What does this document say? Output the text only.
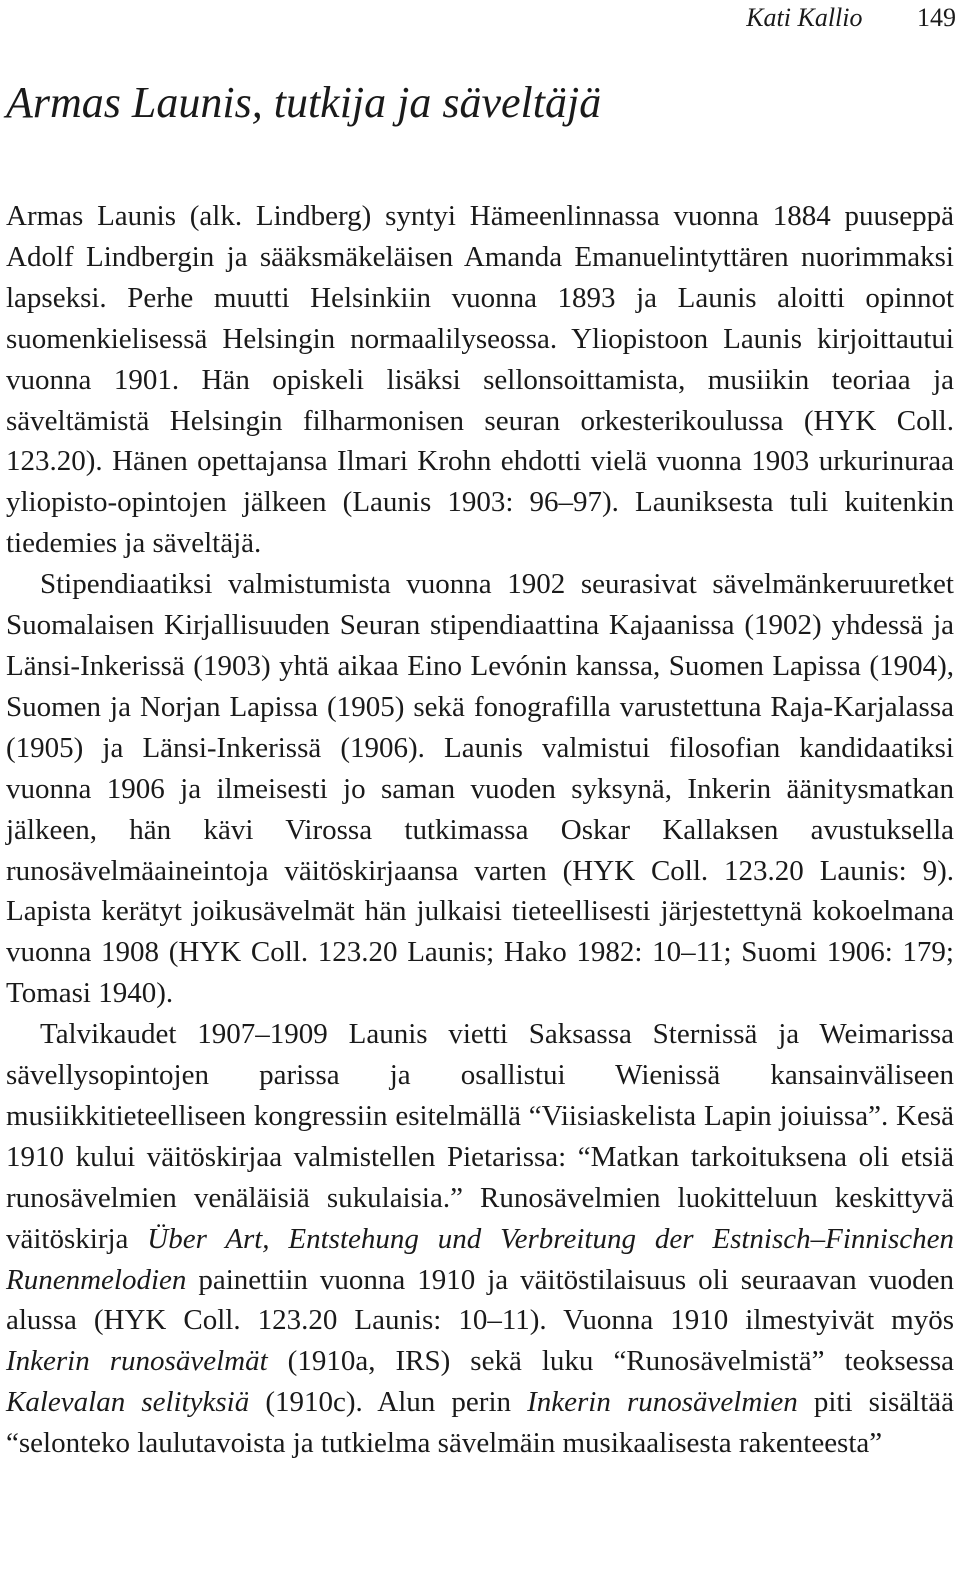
Kati Kallio 149
Armas Launis, tutkija ja säveltäjä

Armas Launis (alk. Lindberg) syntyi Hämeenlinnassa vuonna 1884 puuseppä Adolf Lindbergin ja sääksmäkeläisen Amanda Emanuelintyttären nuorimmaksi lapseksi. Perhe muutti Helsinkiin vuonna 1893 ja Launis aloitti opinnot suomenkielisessä Helsingin normaalilyseossa. Yliopistoon Launis kirjoittautui vuonna 1901. Hän opiskeli lisäksi sellonsoittamista, musiikin teoriaa ja säveltämistä Helsingin filharmonisen seuran orkesterikoulussa (HYK Coll. 123.20). Hänen opettajansa Ilmari Krohn ehdotti vielä vuonna 1903 urkurinuraa yliopisto-opintojen jälkeen (Launis 1903: 96–97). Launiksesta tuli kuitenkin tiedemies ja säveltäjä.

Stipendiaatiksi valmistumista vuonna 1902 seurasivat sävelmänkeruuretket Suomalaisen Kirjallisuuden Seuran stipendiaattina Kajaanissa (1902) yhdessä ja Länsi-Inkerissä (1903) yhtä aikaa Eino Levónin kanssa, Suomen Lapissa (1904), Suomen ja Norjan Lapissa (1905) sekä fonografilla varustettuna Raja-Karjalassa (1905) ja Länsi-Inkerissä (1906). Launis valmistui filosofian kandidaatiksi vuonna 1906 ja ilmeisesti jo saman vuoden syksynä, Inkerin äänitysmatkan jälkeen, hän kävi Virossa tutkimassa Oskar Kallaksen avustuksella runosävelmäaineintoja väitöskirjaansa varten (HYK Coll. 123.20 Launis: 9). Lapista kerätyt joikusävelmät hän julkaisi tieteellisesti järjestettynä kokoelmana vuonna 1908 (HYK Coll. 123.20 Launis; Hako 1982: 10–11; Suomi 1906: 179; Tomasi 1940).

Talvikaudet 1907–1909 Launis vietti Saksassa Sternissä ja Weimarissa sävellysopintojen parissa ja osallistui Wienissä kansainväliseen musiikkitieteelliseen kongressiin esitelmällä “Viisiaskelista Lapin joiuissa”. Kesä 1910 kului väitöskirjaa valmistellen Pietarissa: “Matkan tarkoituksena oli etsiä runosävelmien venäläisiä sukulaisia.” Runosävelmien luokitteluun keskittyvä väitöskirja Über Art, Entstehung und Verbreitung der Estnisch–Finnischen Runenmelodien painettiin vuonna 1910 ja väitöstilaisuus oli seuraavan vuoden alussa (HYK Coll. 123.20 Launis: 10–11). Vuonna 1910 ilmestyivät myös Inkerin runosävelmät (1910a, IRS) sekä luku “Runosävelmistä” teoksessa Kalevalan selityksiä (1910c). Alun perin Inkerin runosävelmien piti sisältää “selonteko laulutavoista ja tutkielma sävelmäin musikaalisesta rakenteesta”
